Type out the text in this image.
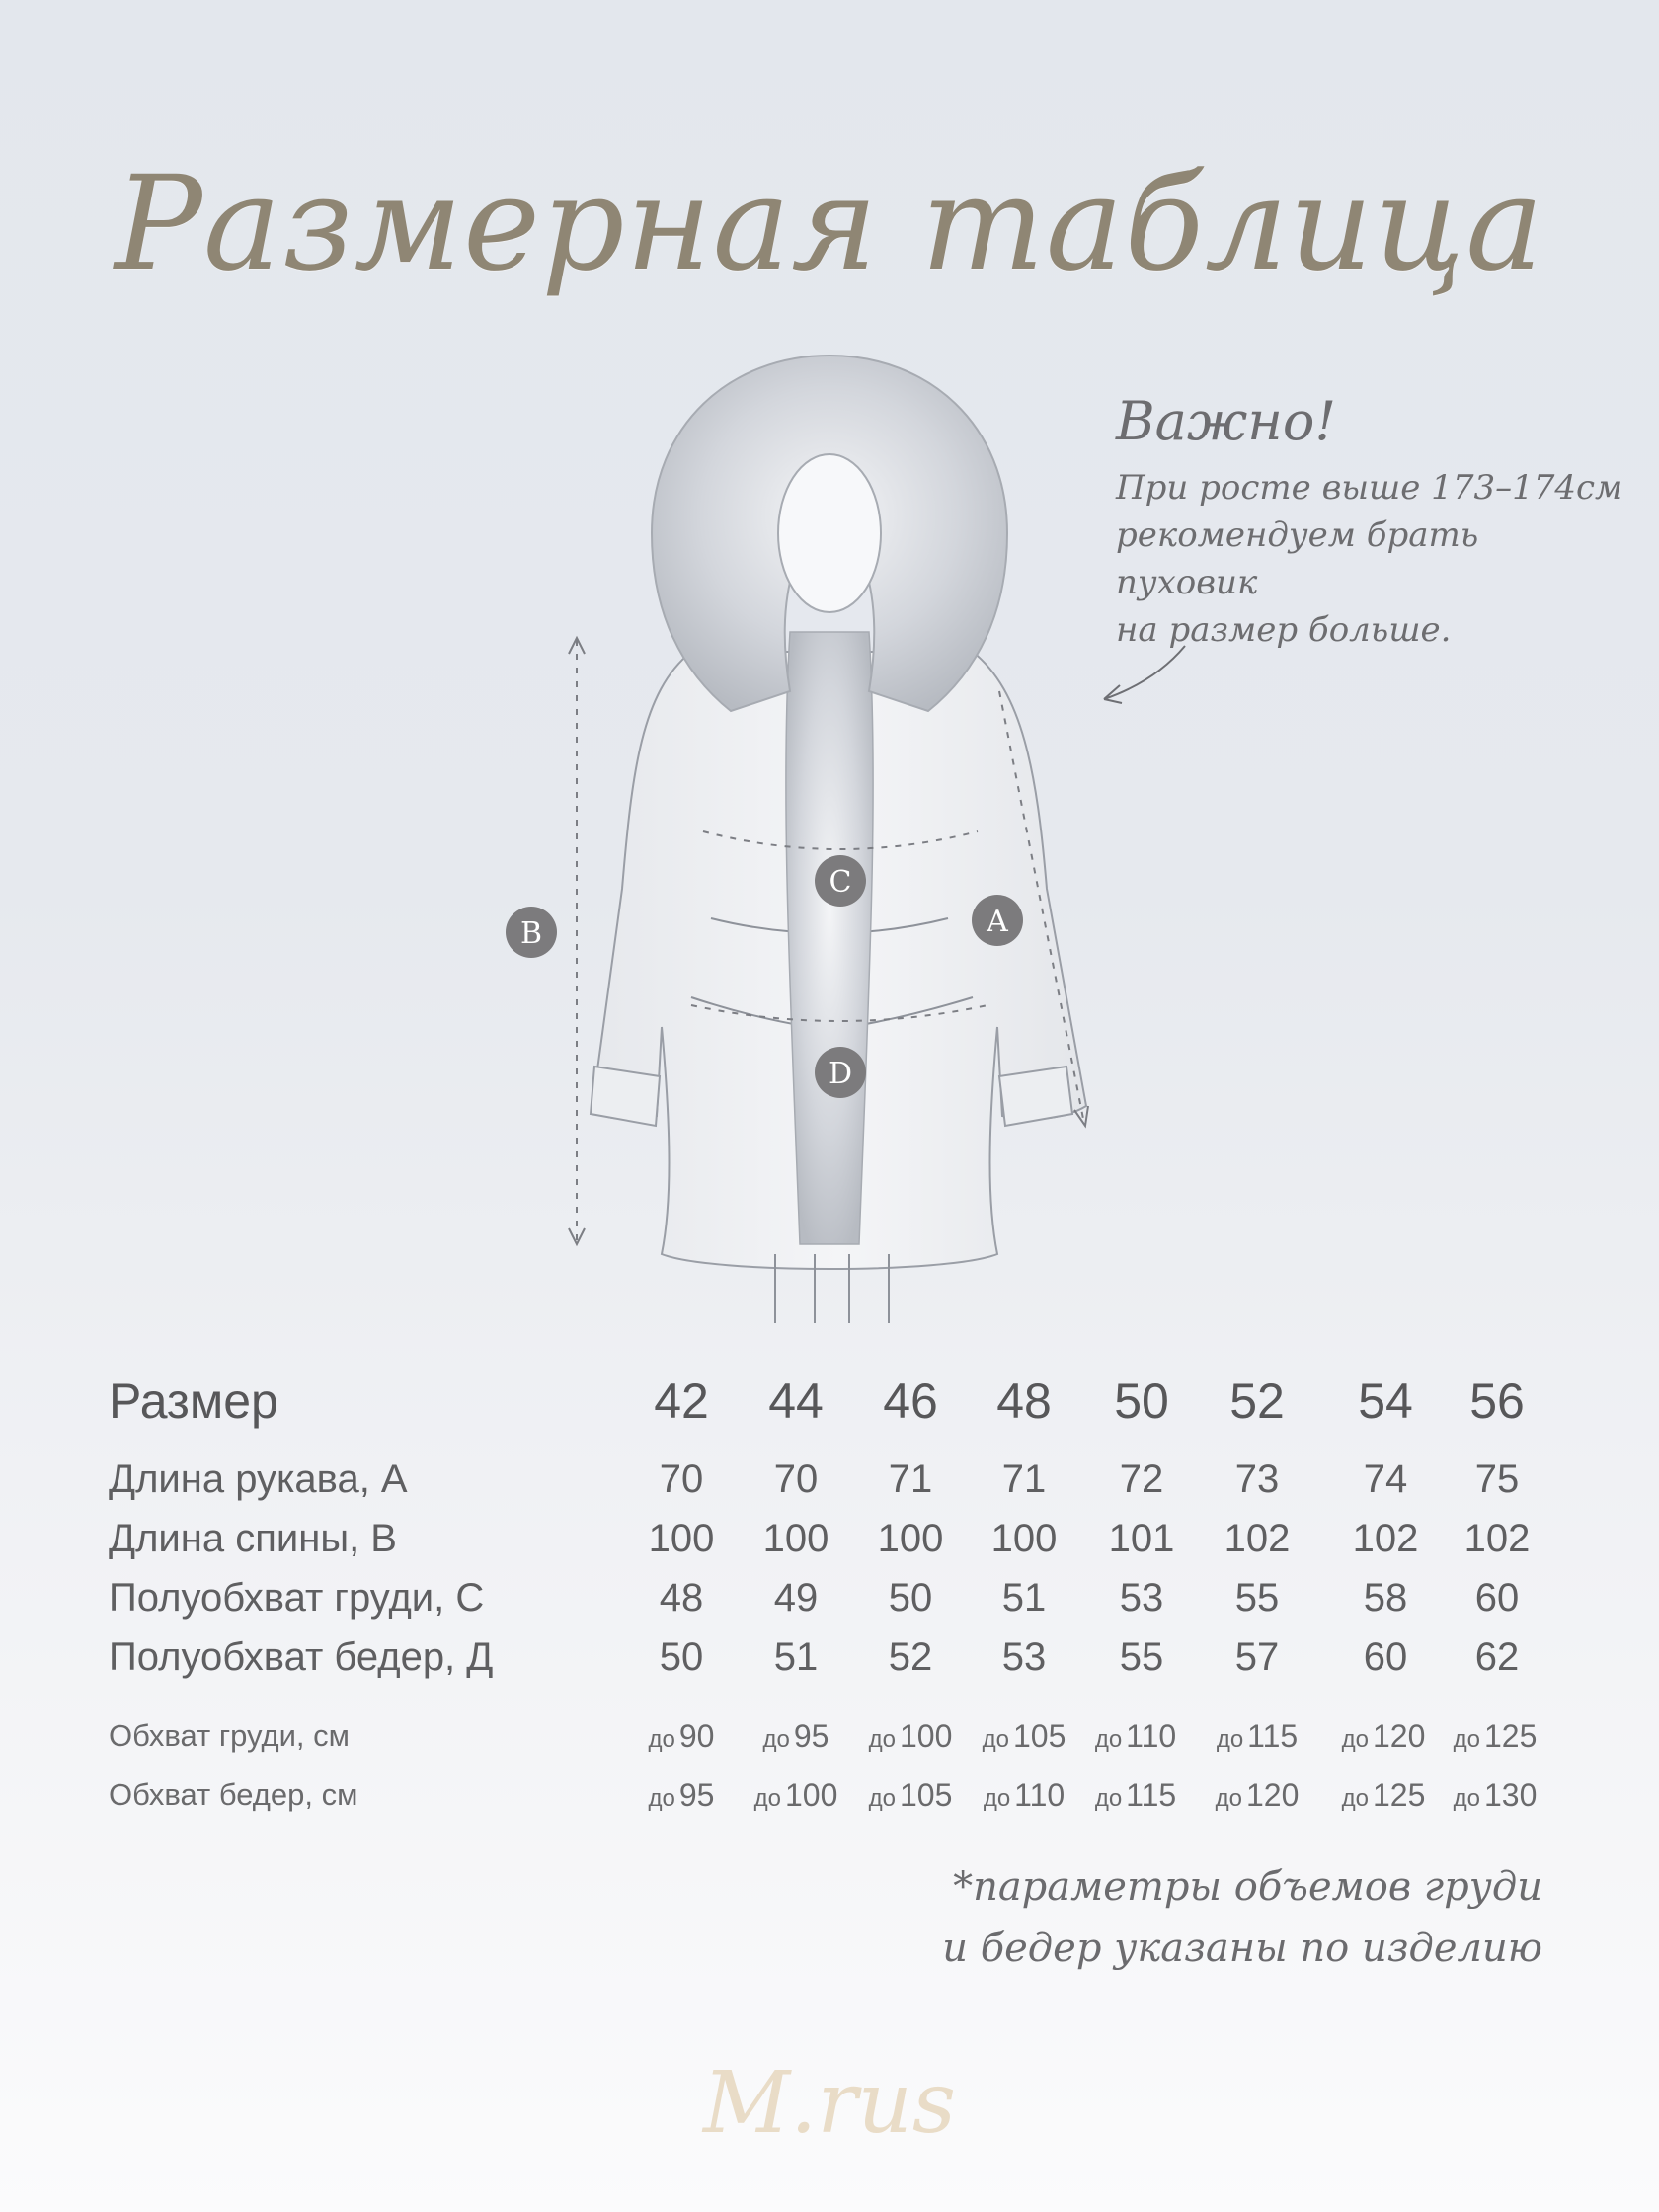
Размерная таблица
Важно!
При росте выше 173–174см
рекомендуем брать пуховик
на размер больше.
B	A
C
D
Размер	42	44	46	48	50	52	54	56
Длина рукава, А	70	70	71	71	72	73	74	75
Длина спины, В	100	100	100	100	101	102	102	102
Полуобхват груди, С	48	49	50	51	53	55	58	60
Полуобхват бедер, Д	50	51	52	53	55	57	60	62
Обхват груди, см	до 90	до 95	до 100	до 105	до 110	до 115	до 120	до 125
Обхват бедер, см	до 95	до 100	до 105	до 110	до 115	до 120	до 125	до 130
*параметры объемов груди
и бедер указаны по изделию
M.rus
